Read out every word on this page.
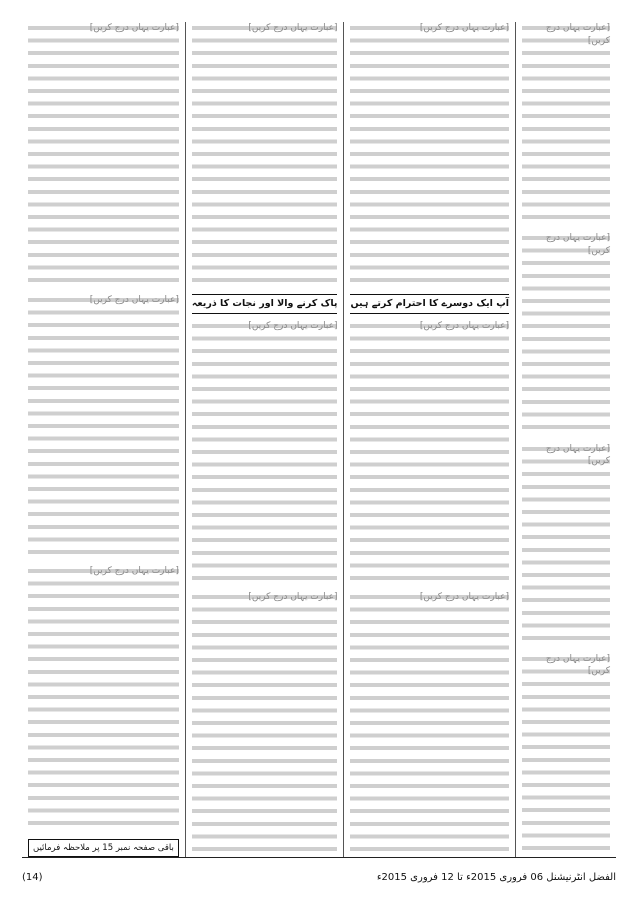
[عبارت یہاں درج کریں]
[عبارت یہاں درج کریں]
[عبارت یہاں درج کریں]
[عبارت یہاں درج کریں]
[عبارت یہاں درج کریں]
آپ ایک دوسرے کا احترام کرتے ہیں
[عبارت یہاں درج کریں]
[عبارت یہاں درج کریں]
[عبارت یہاں درج کریں]
پاک کرنے والا اور نجات کا ذریعہ
[عبارت یہاں درج کریں]
[عبارت یہاں درج کریں]
[عبارت یہاں درج کریں]
[عبارت یہاں درج کریں]
[عبارت یہاں درج کریں]
باقی صفحہ نمبر 15 پر ملاحظہ فرمائیں
(14)	الفضل انٹرنیشنل 06 فروری 2015ء تا 12 فروری 2015ء
